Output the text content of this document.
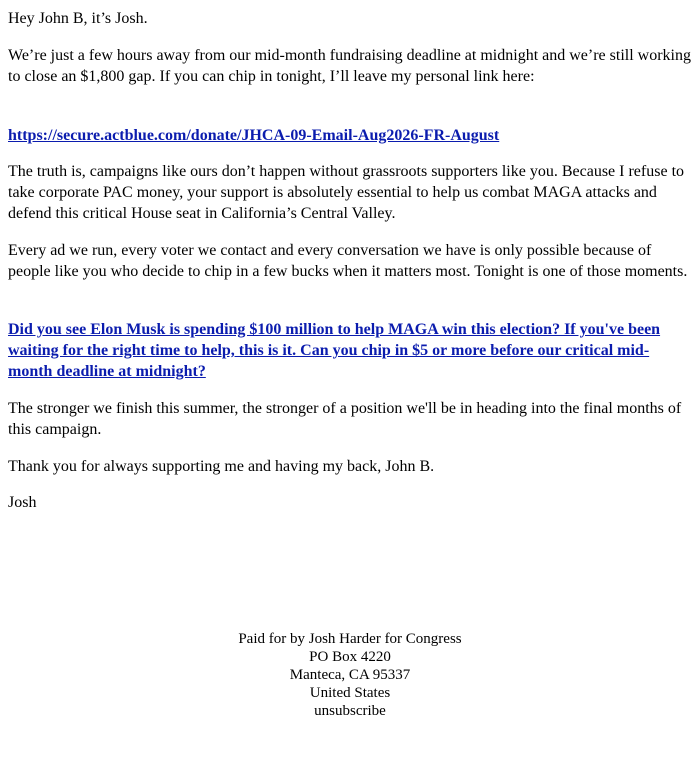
Hey John B, it’s Josh.

We’re just a few hours away from our mid-month fundraising deadline at midnight and we’re still working to close an $1,800 gap. If you can chip in tonight, I’ll leave my personal link here:

https://secure.actblue.com/donate/JHCA-09-Email-Aug2026-FR-August

The truth is, campaigns like ours don’t happen without grassroots supporters like you. Because I refuse to take corporate PAC money, your support is absolutely essential to help us combat MAGA attacks and defend this critical House seat in California’s Central Valley.

Every ad we run, every voter we contact and every conversation we have is only possible because of people like you who decide to chip in a few bucks when it matters most. Tonight is one of those moments.

Did you see Elon Musk is spending $100 million to help MAGA win this election? If you've been waiting for the right time to help, this is it. Can you chip in $5 or more before our critical mid-month deadline at midnight?

The stronger we finish this summer, the stronger of a position we'll be in heading into the final months of this campaign.

Thank you for always supporting me and having my back, John B.

Josh

Paid for by Josh Harder for Congress
PO Box 4220
Manteca, CA 95337
United States
unsubscribe
